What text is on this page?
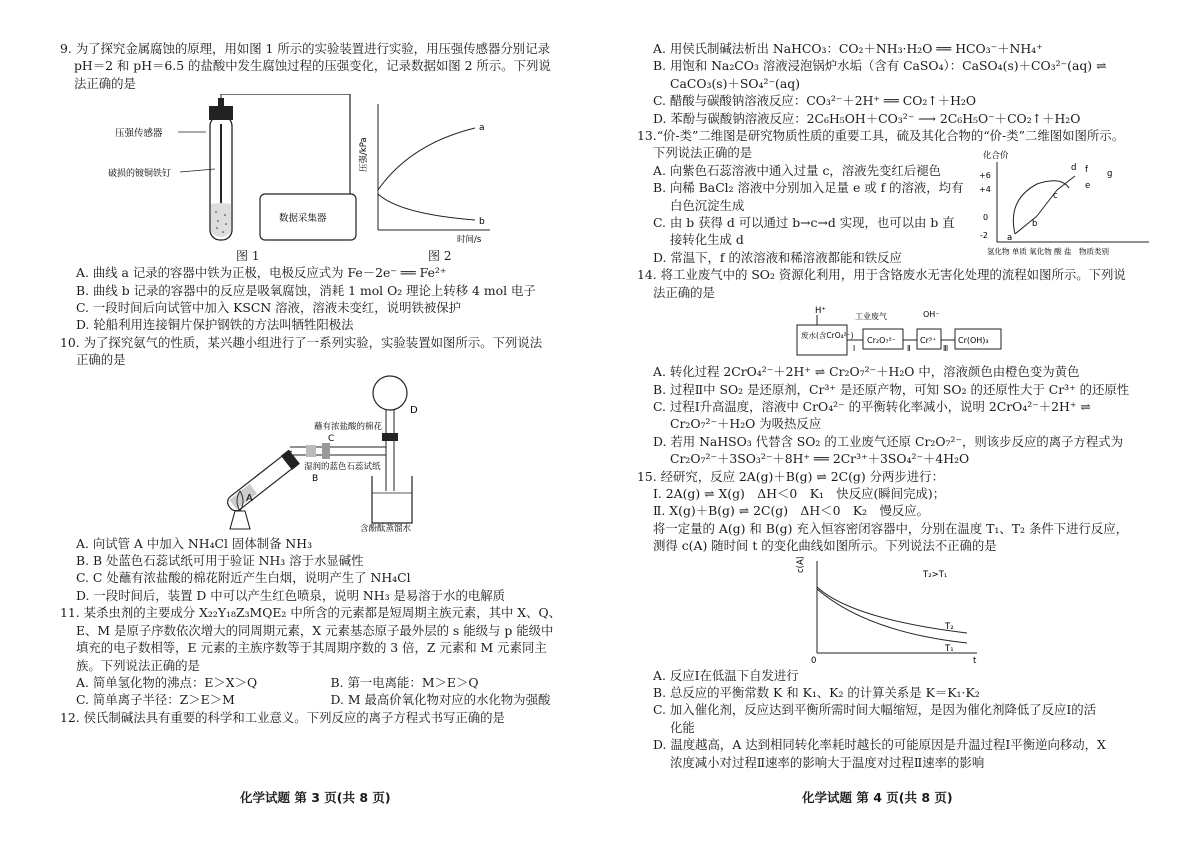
9. 为了探究金属腐蚀的原理，用如图 1 所示的实验装置进行实验，用压强传感器分别记录

pH＝2 和 pH＝6.5 的盐酸中发生腐蚀过程的压强变化，记录数据如图 2 所示。下列说

法正确的是

压强传感器
破损的镀铜铁钉
数据采集器
a
b
压强/kPa
时间/s
图 1	图 2

A. 曲线 a 记录的容器中铁为正极，电极反应式为 Fe－2e⁻ ══ Fe²⁺

B. 曲线 b 记录的容器中的反应是吸氧腐蚀，消耗 1 mol O₂ 理论上转移 4 mol 电子

C. 一段时间后向试管中加入 KSCN 溶液，溶液未变红，说明铁被保护

D. 轮船利用连接铜片保护钢铁的方法叫牺牲阳极法

10. 为了探究氨气的性质，某兴趣小组进行了一系列实验，实验装置如图所示。下列说法

正确的是

D
含酚酞蒸馏水
蘸有浓盐酸的棉花
C
湿润的蓝色石蕊试纸
B
A

A. 向试管 A 中加入 NH₄Cl 固体制备 NH₃

B. B 处蓝色石蕊试纸可用于验证 NH₃ 溶于水显碱性

C. C 处蘸有浓盐酸的棉花附近产生白烟，说明产生了 NH₄Cl

D. 一段时间后，装置 D 中可以产生红色喷泉，说明 NH₃ 是易溶于水的电解质

11. 某杀虫剂的主要成分 X₂₂Y₁₈Z₃MQE₂ 中所含的元素都是短周期主族元素，其中 X、Q、

E、M 是原子序数依次增大的同周期元素，X 元素基态原子最外层的 s 能级与 p 能级中

填充的电子数相等，E 元素的主族序数等于其周期序数的 3 倍，Z 元素和 M 元素同主

族。下列说法正确的是

A. 简单氢化物的沸点：E＞X＞Q	B. 第一电离能：M＞E＞Q
C. 简单离子半径：Z＞E＞M	D. M 最高价氧化物对应的水化物为强酸

12. 侯氏制碱法具有重要的科学和工业意义。下列反应的离子方程式书写正确的是

A. 用侯氏制碱法析出 NaHCO₃：CO₂＋NH₃·H₂O ══ HCO₃⁻＋NH₄⁺

B. 用饱和 Na₂CO₃ 溶液浸泡锅炉水垢（含有 CaSO₄）：CaSO₄(s)＋CO₃²⁻(aq) ⇌

CaCO₃(s)＋SO₄²⁻(aq)

C. 醋酸与碳酸钠溶液反应：CO₃²⁻＋2H⁺ ══ CO₂↑＋H₂O

D. 苯酚与碳酸钠溶液反应：2C₆H₅OH＋CO₃²⁻ ⟶ 2C₆H₅O⁻＋CO₂↑＋H₂O

13.“价-类”二维图是研究物质性质的重要工具，硫及其化合物的“价-类”二维图如图所示。

下列说法正确的是

A. 向紫色石蕊溶液中通入过量 c，溶液先变红后褪色

B. 向稀 BaCl₂ 溶液中分别加入足量 e 或 f 的溶液，均有

白色沉淀生成

C. 由 b 获得 d 可以通过 b→c→d 实现，也可以由 b 直

接转化生成 d

D. 常温下，f 的浓溶液和稀溶液都能和铁反应

化合价
+6
+4
0
-2 a
b
c
d
e
f g
氢化物 单质 氧化物 酸 盐　物质类别

14. 将工业废气中的 SO₂ 资源化利用，用于含铬废水无害化处理的流程如图所示。下列说

法正确的是

H⁺
废水(含CrO₄²⁻)
Ⅰ
工业废气
Cr₂O₇²⁻
Ⅱ
OH⁻
Cr³⁺
Ⅲ
Cr(OH)₃

A. 转化过程 2CrO₄²⁻＋2H⁺ ⇌ Cr₂O₇²⁻＋H₂O 中，溶液颜色由橙色变为黄色

B. 过程Ⅱ中 SO₂ 是还原剂，Cr³⁺ 是还原产物，可知 SO₂ 的还原性大于 Cr³⁺ 的还原性

C. 过程Ⅰ升高温度，溶液中 CrO₄²⁻ 的平衡转化率减小，说明 2CrO₄²⁻＋2H⁺ ⇌

Cr₂O₇²⁻＋H₂O 为吸热反应

D. 若用 NaHSO₃ 代替含 SO₂ 的工业废气还原 Cr₂O₇²⁻，则该步反应的离子方程式为

Cr₂O₇²⁻＋3SO₃²⁻＋8H⁺ ══ 2Cr³⁺＋3SO₄²⁻＋4H₂O

15. 经研究，反应 2A(g)＋B(g) ⇌ 2C(g) 分两步进行：

Ⅰ. 2A(g) ⇌ X(g)　ΔH＜0　K₁　快反应(瞬间完成)；

Ⅱ. X(g)＋B(g) ⇌ 2C(g)　ΔH＜0　K₂　慢反应。

将一定量的 A(g) 和 B(g) 充入恒容密闭容器中，分别在温度 T₁、T₂ 条件下进行反应，

测得 c(A) 随时间 t 的变化曲线如图所示。下列说法不正确的是

c(A)
0	t
T₂>T₁
T₂
T₁

A. 反应Ⅰ在低温下自发进行

B. 总反应的平衡常数 K 和 K₁、K₂ 的计算关系是 K＝K₁·K₂

C. 加入催化剂，反应达到平衡所需时间大幅缩短，是因为催化剂降低了反应Ⅰ的活

化能

D. 温度越高，A 达到相同转化率耗时越长的可能原因是升温过程Ⅰ平衡逆向移动，X

浓度减小对过程Ⅱ速率的影响大于温度对过程Ⅱ速率的影响

化学试题 第 3 页(共 8 页)	化学试题 第 4 页(共 8 页)
